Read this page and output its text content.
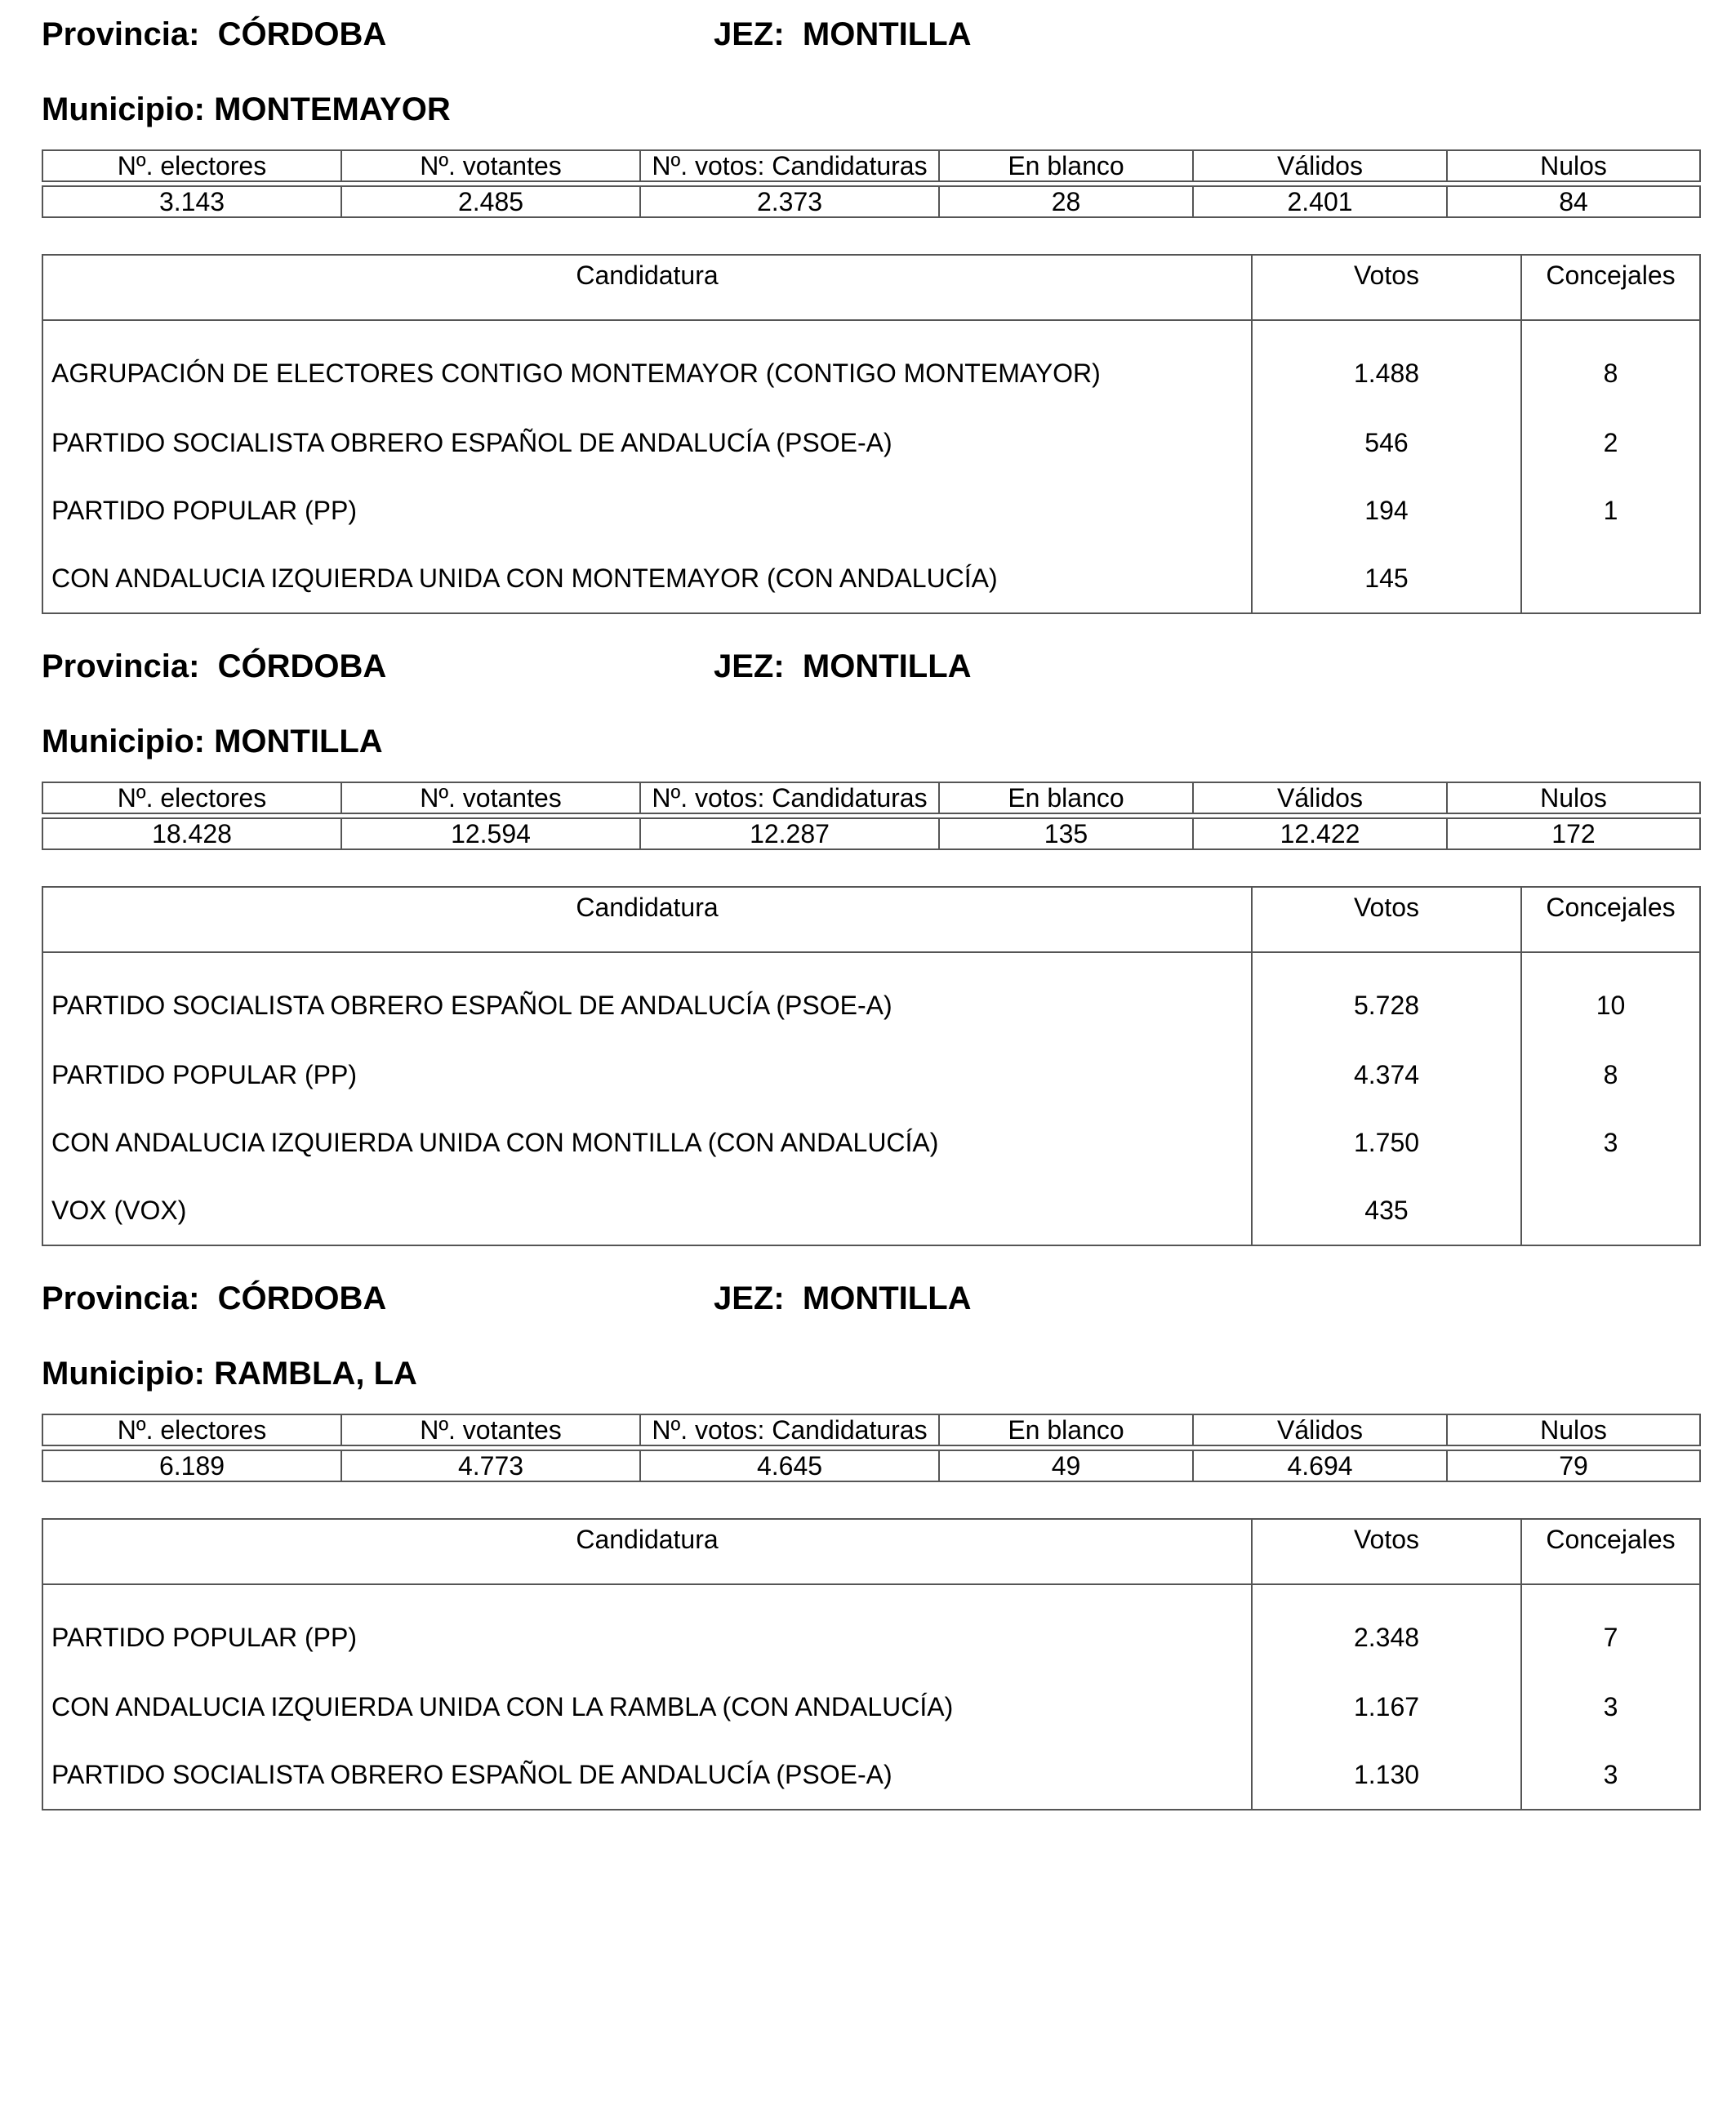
Provincia:  CÓRDOBA	JEZ:  MONTILLA
Municipio: MONTEMAYOR
Nº. electores	Nº. votantes	Nº. votos: Candidaturas	En blanco	Válidos	Nulos

3.143	2.485	2.373	28	2.401	84
Candidatura	Votos	Concejales
AGRUPACIÓN DE ELECTORES CONTIGO MONTEMAYOR (CONTIGO MONTEMAYOR)	1.488	8
PARTIDO SOCIALISTA OBRERO ESPAÑOL DE ANDALUCÍA (PSOE-A)	546	2
PARTIDO POPULAR (PP)	194	1
CON ANDALUCIA IZQUIERDA UNIDA CON MONTEMAYOR (CON ANDALUCÍA)	145	
Provincia:  CÓRDOBA	JEZ:  MONTILLA
Municipio: MONTILLA
Nº. electores	Nº. votantes	Nº. votos: Candidaturas	En blanco	Válidos	Nulos

18.428	12.594	12.287	135	12.422	172
Candidatura	Votos	Concejales
PARTIDO SOCIALISTA OBRERO ESPAÑOL DE ANDALUCÍA (PSOE-A)	5.728	10
PARTIDO POPULAR (PP)	4.374	8
CON ANDALUCIA IZQUIERDA UNIDA CON MONTILLA (CON ANDALUCÍA)	1.750	3
VOX (VOX)	435	
Provincia:  CÓRDOBA	JEZ:  MONTILLA
Municipio: RAMBLA, LA
Nº. electores	Nº. votantes	Nº. votos: Candidaturas	En blanco	Válidos	Nulos

6.189	4.773	4.645	49	4.694	79
Candidatura	Votos	Concejales
PARTIDO POPULAR (PP)	2.348	7
CON ANDALUCIA IZQUIERDA UNIDA CON LA RAMBLA (CON ANDALUCÍA)	1.167	3
PARTIDO SOCIALISTA OBRERO ESPAÑOL DE ANDALUCÍA (PSOE-A)	1.130	3
